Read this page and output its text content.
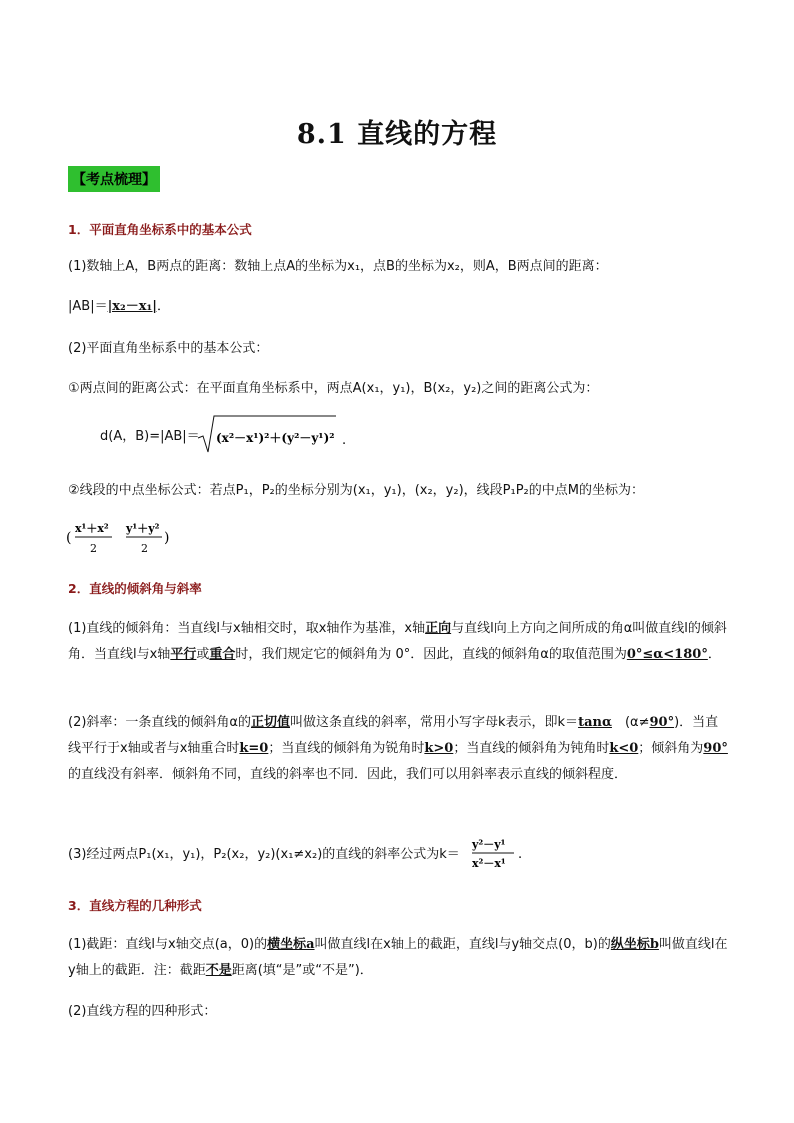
8.1 直线的方程
【考点梳理】
1．平面直角坐标系中的基本公式
(1)数轴上A，B两点的距离：数轴上点A的坐标为x₁，点B的坐标为x₂，则A，B两点间的距离：
|AB|＝|x₂－x₁|．
(2)平面直角坐标系中的基本公式：
①两点间的距离公式：在平面直角坐标系中，两点A(x₁，y₁)，B(x₂，y₂)之间的距离公式为：
d(A，B)=|AB|＝	(x²－x¹)²＋(y²－y¹)² .
②线段的中点坐标公式：若点P₁，P₂的坐标分别为(x₁，y₁)，(x₂，y₂)，线段P₁P₂的中点M的坐标为：
(
x¹＋x²
2
y¹＋y²
2
)
2．直线的倾斜角与斜率
(1)直线的倾斜角：当直线l与x轴相交时，取x轴作为基准，x轴正向与直线l向上方向之间所成的角α叫做直线l的倾斜角．当直线l与x轴平行或重合时，我们规定它的倾斜角为 0°．因此，直线的倾斜角α的取值范围为0°≤α<180°．
(2)斜率：一条直线的倾斜角α的正切值叫做这条直线的斜率，常用小写字母k表示，即k＝tanα　(α≠90°)．当直线平行于x轴或者与x轴重合时k=0；当直线的倾斜角为锐角时k>0；当直线的倾斜角为钝角时k<0；倾斜角为90°的直线没有斜率．倾斜角不同，直线的斜率也不同．因此，我们可以用斜率表示直线的倾斜程度．
(3)经过两点P₁(x₁，y₁)，P₂(x₂，y₂)(x₁≠x₂)的直线的斜率公式为k＝
y²－y¹
x²－x¹
.
3．直线方程的几种形式
(1)截距：直线l与x轴交点(a，0)的横坐标a叫做直线l在x轴上的截距，直线l与y轴交点(0，b)的纵坐标b叫做直线l在y轴上的截距．注：截距不是距离(填“是”或“不是”)．
(2)直线方程的四种形式：
